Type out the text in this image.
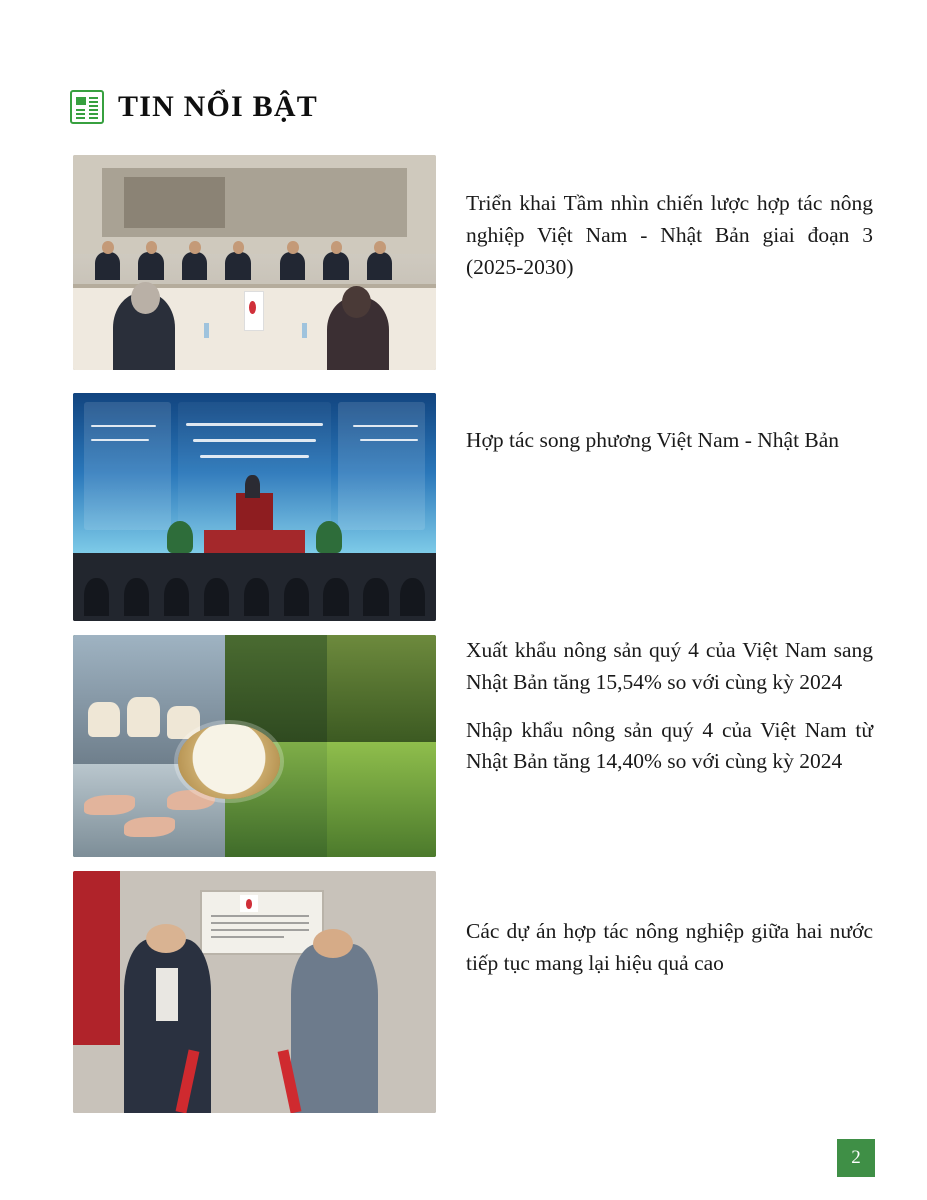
TIN NỔI BẬT

Triển khai Tầm nhìn chiến lược hợp tác nông nghiệp Việt Nam - Nhật Bản giai đoạn 3 (2025-2030)

Hợp tác song phương Việt Nam - Nhật Bản

Xuất khẩu nông sản quý 4 của Việt Nam sang Nhật Bản tăng 15,54% so với cùng kỳ 2024

Nhập khẩu nông sản quý 4 của Việt Nam từ Nhật Bản tăng 14,40% so với cùng kỳ 2024

Các dự án hợp tác nông nghiệp giữa hai nước tiếp tục mang lại hiệu quả cao

2
